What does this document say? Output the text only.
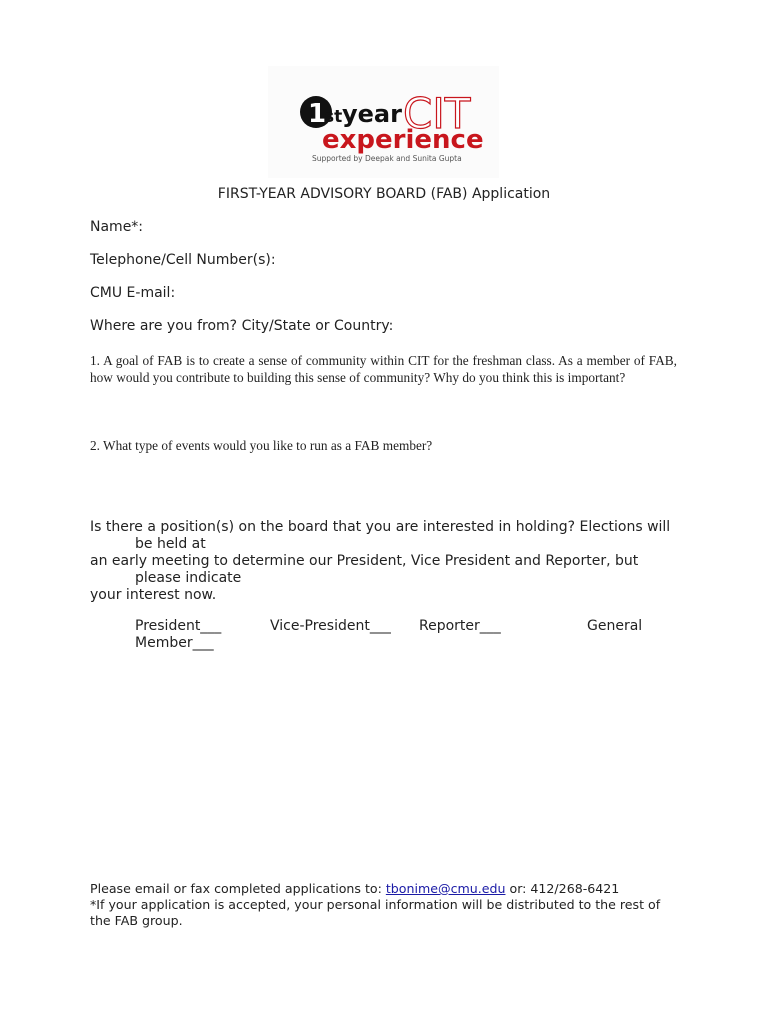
1
st CIT
year
experience
Supported by Deepak and Sunita Gupta
FIRST-YEAR ADVISORY BOARD (FAB) Application
Name*:
Telephone/Cell Number(s):
CMU E-mail:
Where are you from? City/State or Country:
1. A goal of FAB is to create a sense of community within CIT for the freshman class. As a member of FAB, how would you contribute to building this sense of community? Why do you think this is important?
2. What type of events would you like to run as a FAB member?
Is there a position(s) on the board that you are interested in holding? Elections will
be held at
an early meeting to determine our President, Vice President and Reporter, but
please indicate
your interest now.
President___	Vice-President___ Reporter___	General
Member___
Please email or fax completed applications to: tbonime@cmu.edu or: 412/268-6421
*If your application is accepted, your personal information will be distributed to the rest of the FAB group.
